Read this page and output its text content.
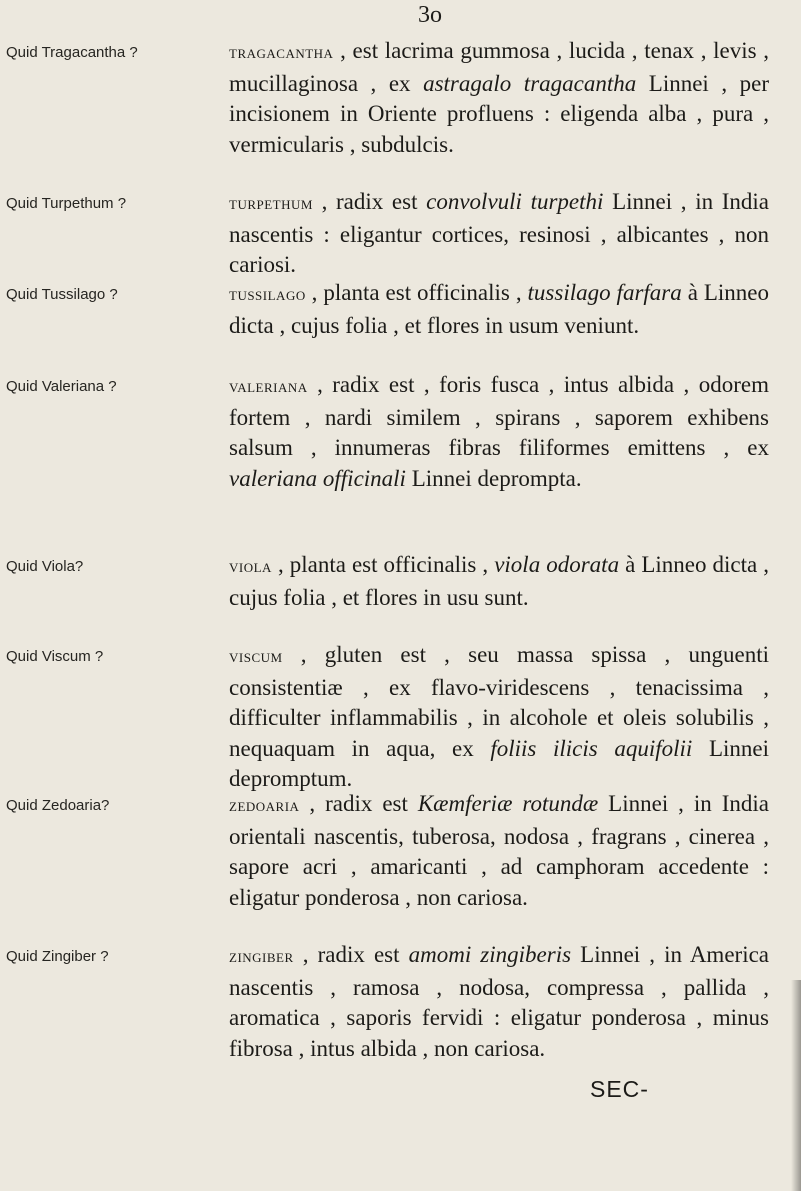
3o
Quid Tragacantha ?	tragacantha , est lacrima gummosa , lucida , tenax , levis , mucillaginosa , ex astragalo tragacantha Linnei , per incisionem in Oriente profluens : eligenda alba , pura , vermicularis , subdulcis.
Quid Turpethum ?	turpethum , radix est convolvuli turpethi Linnei , in India nascentis : eligantur cortices, resinosi , albicantes , non cariosi.
Quid Tussilago ?	tussilago , planta est officinalis , tussilago farfara à Linneo dicta , cujus folia , et flores in usum veniunt.
Quid Valeriana ?	valeriana , radix est , foris fusca , intus albida , odorem fortem , nardi similem , spirans , saporem exhibens salsum , innumeras fibras filiformes emittens , ex valeriana officinali Linnei deprompta.
Quid Viola?	viola , planta est officinalis , viola odorata à Linneo dicta , cujus folia , et flores in usu sunt.
Quid Viscum ?	viscum , gluten est , seu massa spissa , unguenti consistentiæ , ex flavo-viridescens , tenacissima , difficulter inflammabilis , in alcohole et oleis solubilis , nequaquam in aqua, ex foliis ilicis aquifolii Linnei depromptum.
Quid Zedoaria?	zedoaria , radix est Kæmferiæ rotundæ Linnei , in India orientali nascentis, tuberosa, nodosa , fragrans , cinerea , sapore acri , amaricanti , ad camphoram accedente : eligatur ponderosa , non cariosa.
Quid Zingiber ?	zingiber , radix est amomi zingiberis Linnei , in America nascentis , ramosa , nodosa, compressa , pallida , aromatica , saporis fervidi : eligatur ponderosa , minus fibrosa , intus albida , non cariosa.
SEC-
